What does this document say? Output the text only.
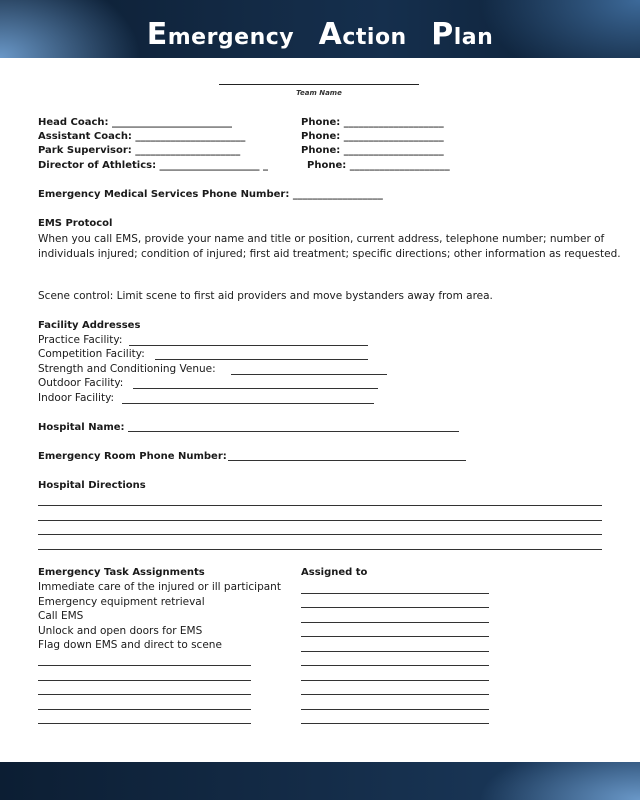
Emergency Action Plan
Team Name
Head Coach: ________________________	Phone: ____________________
Assistant Coach: ______________________	Phone: ____________________
Park Supervisor: _____________________	Phone: ____________________
Director of Athletics: ____________________ _	Phone: ____________________
Emergency Medical Services Phone Number: __________________
EMS Protocol
When you call EMS, provide your name and title or position, current address, telephone number; number of individuals injured; condition of injured; first aid treatment; specific directions; other information as requested.
Scene control: Limit scene to first aid providers and move bystanders away from area.
Facility Addresses
Practice Facility:
Competition Facility:
Strength and Conditioning Venue:
Outdoor Facility:
Indoor Facility:
Hospital Name:
Emergency Room Phone Number:
Hospital Directions
Emergency Task Assignments	Assigned to
Immediate care of the injured or ill participant
Emergency equipment retrieval
Call EMS
Unlock and open doors for EMS
Flag down EMS and direct to scene
